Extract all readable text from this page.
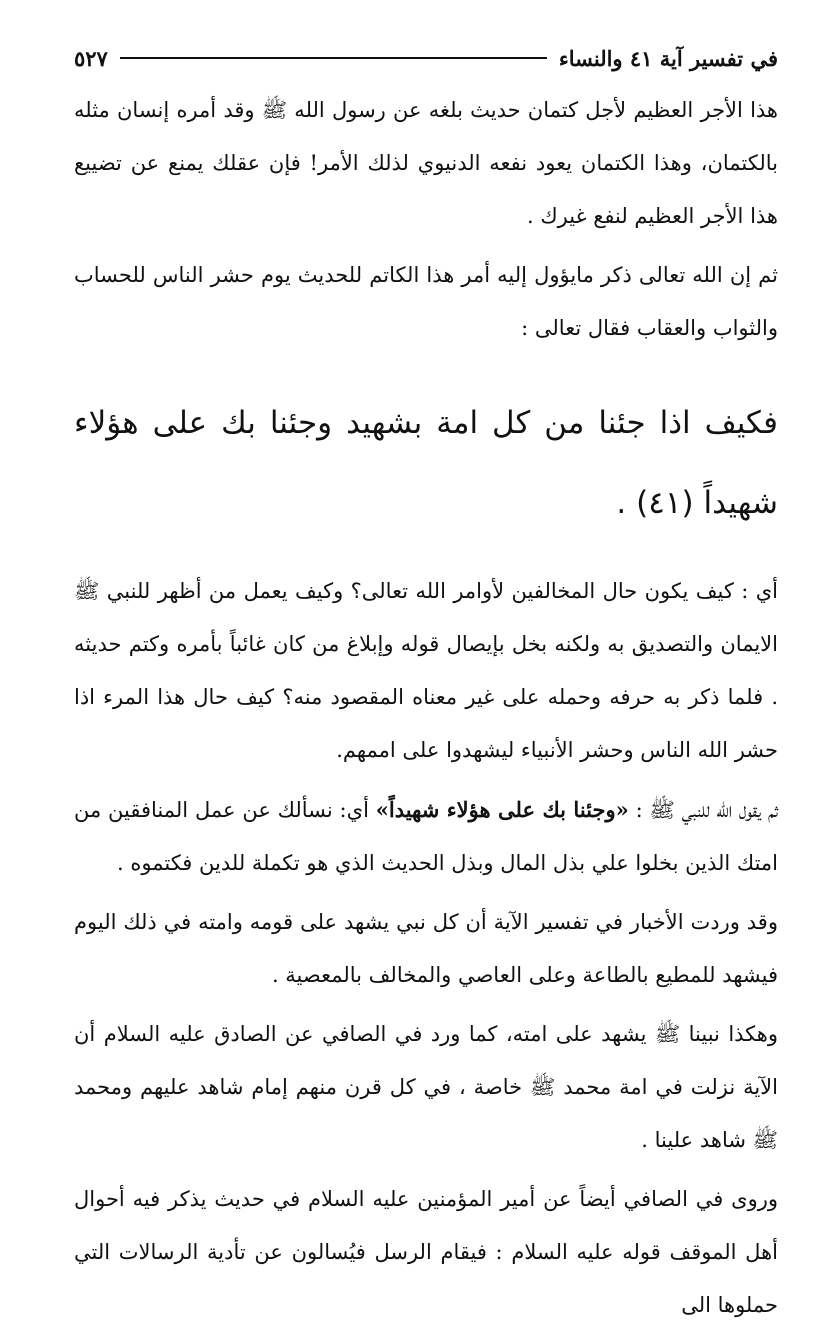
في تفسير آية ٤١ والنساء
٥٢٧

هذا الأجر العظيم لأجل كتمان حديث بلغه عن رسول الله ﷺ وقد أمره إنسان مثله بالكتمان، وهذا الكتمان يعود نفعه الدنيوي لذلك الأمر! فإن عقلك يمنع عن تضييع هذا الأجر العظيم لنفع غيرك .

ثم إن الله تعالى ذكر مايؤول إليه أمر هذا الكاتم للحديث يوم حشر الناس للحساب والثواب والعقاب فقال تعالى :

فكيف اذا جئنا من كل امة بشهيد وجئنا بك على هؤلاء شهيداً (٤١) .

أي : كيف يكون حال المخالفين لأوامر الله تعالى؟ وكيف يعمل من أظهر للنبي ﷺ الايمان والتصديق به ولكنه بخل بإيصال قوله وإبلاغ من كان غائباً بأمره وكتم حديثه . فلما ذكر به حرفه وحمله على غير معناه المقصود منه؟ كيف حال هذا المرء اذا حشر الله الناس وحشر الأنبياء ليشهدوا على اممهم.

ثم يقول الله للنبي ﷺ : «وجئنا بك على هؤلاء شهيداً» أي: نسألك عن عمل المنافقين من امتك الذين بخلوا علي بذل المال وبذل الحديث الذي هو تكملة للدين فكتموه .

وقد وردت الأخبار في تفسير الآية أن كل نبي يشهد على قومه وامته في ذلك اليوم فيشهد للمطيع بالطاعة وعلى العاصي والمخالف بالمعصية .

وهكذا نبينا ﷺ يشهد على امته، كما ورد في الصافي عن الصادق عليه السلام أن الآية نزلت في امة محمد ﷺ خاصة ، في كل قرن منهم إمام شاهد عليهم ومحمد ﷺ شاهد علينا .

وروى في الصافي أيضاً عن أمير المؤمنين عليه السلام في حديث يذكر فيه أحوال أهل الموقف قوله عليه السلام : فيقام الرسل فيُسالون عن تأدية الرسالات التي حملوها الى
